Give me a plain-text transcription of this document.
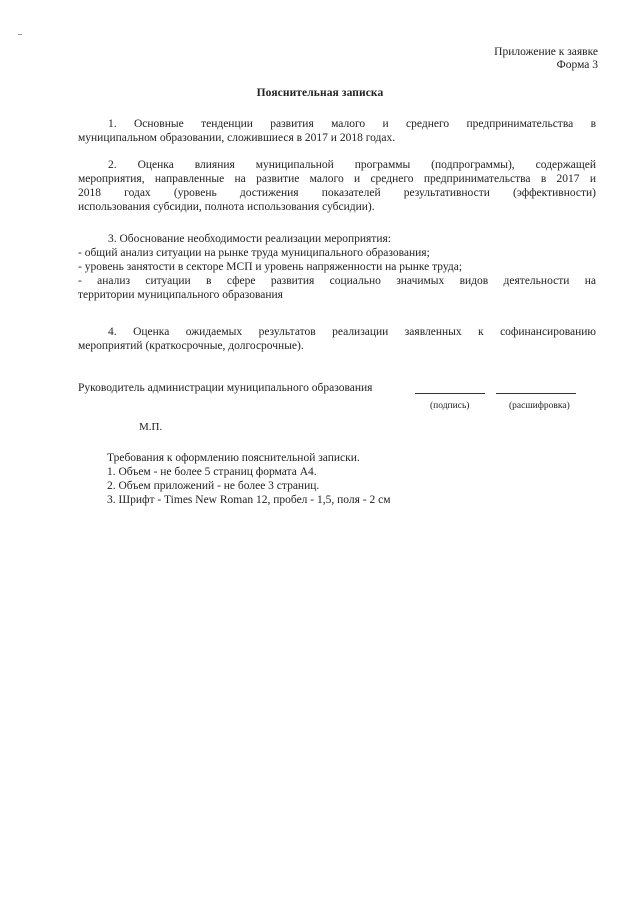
Приложение к заявке
Форма 3
Пояснительная записка
1. Основные тенденции развития малого и среднего предпринимательства в
муниципальном образовании, сложившиеся в 2017 и 2018 годах.
2. Оценка влияния муниципальной программы (подпрограммы), содержащей
мероприятия, направленные на развитие малого и среднего предпринимательства в 2017 и
2018 годах (уровень достижения показателей результативности (эффективности)
использования субсидии, полнота использования субсидии).
3. Обоснование необходимости реализации мероприятия:
- общий анализ ситуации на рынке труда муниципального образования;
- уровень занятости в секторе МСП и уровень напряженности на рынке труда;
- анализ ситуации в сфере развития социально значимых видов деятельности на
территории муниципального образования
4. Оценка ожидаемых результатов реализации заявленных к софинансированию
мероприятий (краткосрочные, долгосрочные).
Руководитель администрации муниципального образования
(подпись)	(расшифровка)
М.П.
Требования к оформлению пояснительной записки.
1. Объем - не более 5 страниц формата А4.
2. Объем приложений - не более 3 страниц.
3. Шрифт - Times New Roman 12, пробел - 1,5, поля - 2 см
